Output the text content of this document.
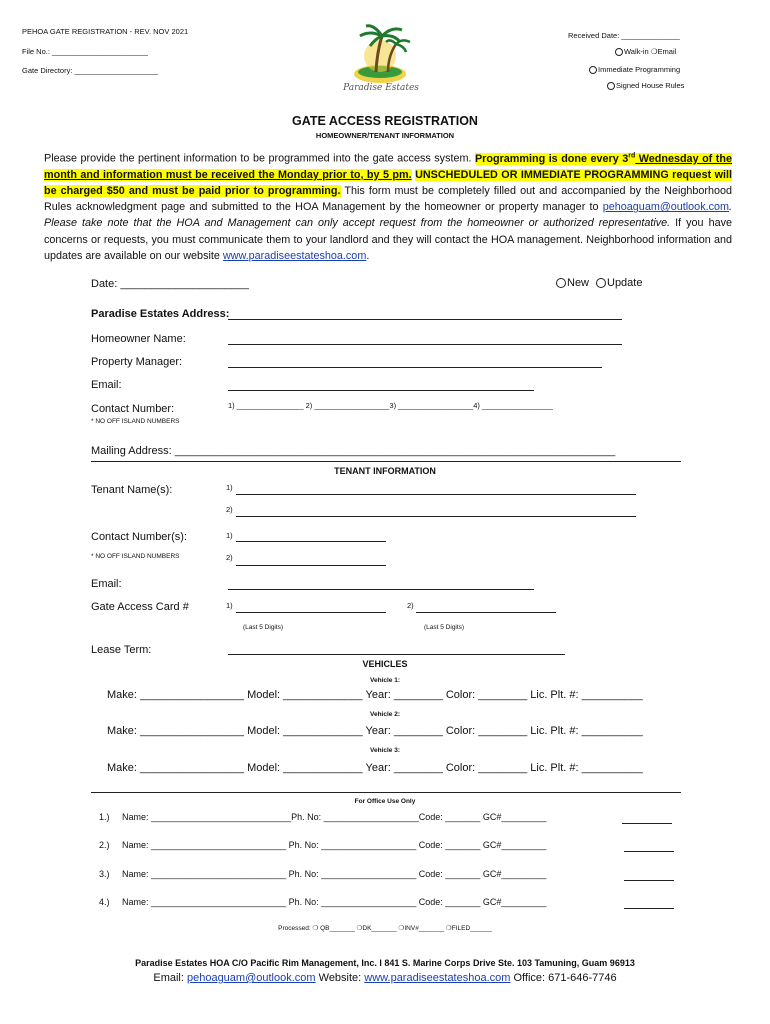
PEHOA GATE REGISTRATION - REV. NOV 2021
File No.: _______________________
Gate Directory: ____________________
Paradise Estates
Received Date: ______________
Walk-in ❍Email
Immediate Programming
Signed House Rules
GATE ACCESS REGISTRATION
HOMEOWNER/TENANT INFORMATION
Please provide the pertinent information to be programmed into the gate access system. Programming is done every 3rd Wednesday of the month and information must be received the Monday prior to, by 5 pm. UNSCHEDULED OR IMMEDIATE PROGRAMMING request will be charged $50 and must be paid prior to programming. This form must be completely filled out and accompanied by the Neighborhood Rules acknowledgment page and submitted to the HOA Management by the homeowner or property manager to pehoaguam@outlook.com. Please take note that the HOA and Management can only accept request from the homeowner or authorized representative. If you have concerns or requests, you must communicate them to your landlord and they will contact the HOA management. Neighborhood information and updates are available on our website www.paradiseestateshoa.com.
Date: _____________________	New	Update
Paradise Estates Address:
Homeowner Name:
Property Manager:
Email:
Contact Number:	1) ________________ 2) __________________3) __________________4) _________________
* NO OFF ISLAND NUMBERS
Mailing Address: ________________________________________________________________________
TENANT INFORMATION
Tenant Name(s):	1)
2)
Contact Number(s):	1)
* NO OFF ISLAND NUMBERS	2)
Email:
Gate Access Card #	1)	2)
(Last 5 Digits)	(Last 5 Digits)
Lease Term:
VEHICLES
Vehicle 1:
Make: _________________ Model: _____________ Year: ________ Color: ________ Lic. Plt. #: __________
Vehicle 2:
Make: _________________ Model: _____________ Year: ________ Color: ________ Lic. Plt. #: __________
Vehicle 3:
Make: _________________ Model: _____________ Year: ________ Color: ________ Lic. Plt. #: __________
For Office Use Only
1.) Name: ____________________________Ph. No: ___________________Code: _______ GC#_________
2.) Name: ___________________________ Ph. No: ___________________ Code: _______ GC#_________
3.) Name: ___________________________ Ph. No: ___________________ Code: _______ GC#_________
4.) Name: ___________________________ Ph. No: ___________________ Code: _______ GC#_________
Processed: ❍ QB_______ ❍DK_______ ❍INV#_______ ❍FILED______
Paradise Estates HOA C/O Pacific Rim Management, Inc. l 841 S. Marine Corps Drive Ste. 103 Tamuning, Guam 96913
Email: pehoaguam@outlook.com Website: www.paradiseestateshoa.com Office: 671-646-7746
